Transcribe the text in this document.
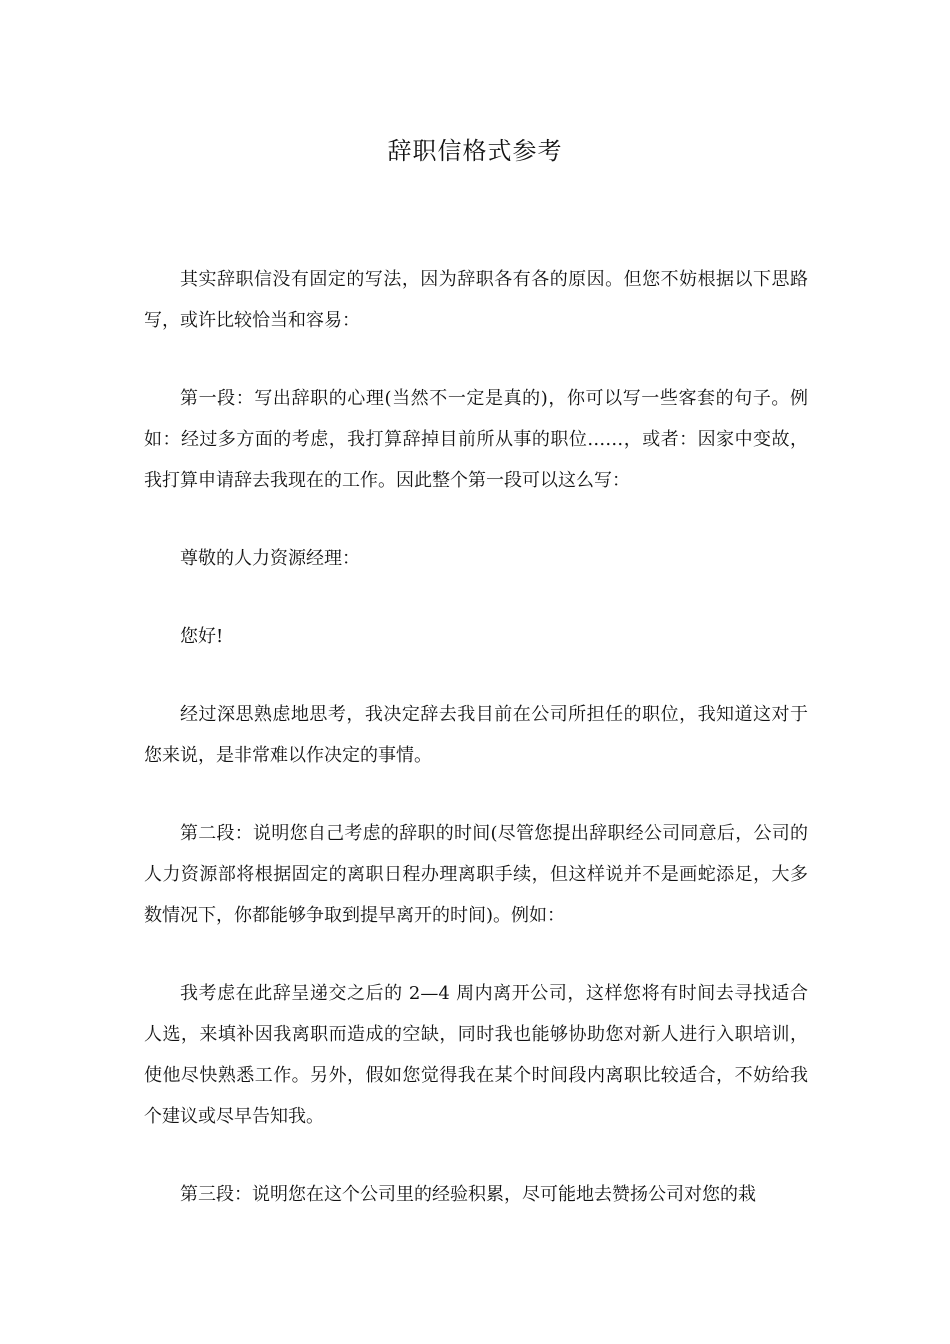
辞职信格式参考

其实辞职信没有固定的写法，因为辞职各有各的原因。但您不妨根据以下思路写，或许比较恰当和容易：

第一段：写出辞职的心理(当然不一定是真的)，你可以写一些客套的句子。例如：经过多方面的考虑，我打算辞掉目前所从事的职位……，或者：因家中变故，我打算申请辞去我现在的工作。因此整个第一段可以这么写：

尊敬的人力资源经理：

您好!

经过深思熟虑地思考，我决定辞去我目前在公司所担任的职位，我知道这对于您来说，是非常难以作决定的事情。

第二段：说明您自己考虑的辞职的时间(尽管您提出辞职经公司同意后，公司的人力资源部将根据固定的离职日程办理离职手续，但这样说并不是画蛇添足，大多数情况下，你都能够争取到提早离开的时间)。例如：

我考虑在此辞呈递交之后的 2—4 周内离开公司，这样您将有时间去寻找适合人选，来填补因我离职而造成的空缺，同时我也能够协助您对新人进行入职培训，使他尽快熟悉工作。另外，假如您觉得我在某个时间段内离职比较适合，不妨给我个建议或尽早告知我。

第三段：说明您在这个公司里的经验积累，尽可能地去赞扬公司对您的栽
